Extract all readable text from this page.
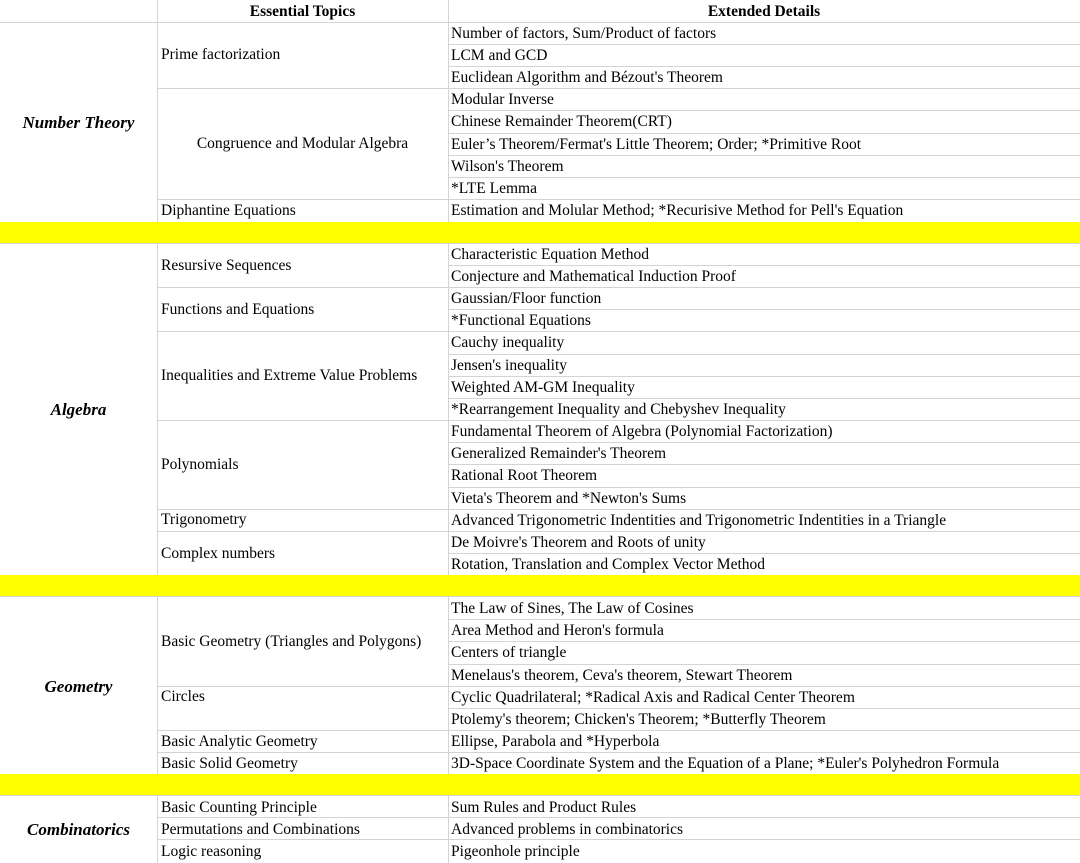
Essential Topics	Extended Details
Number Theory
Prime factorization
Congruence and Modular Algebra
Diphantine Equations
Number of factors, Sum/Product of factors
LCM and GCD
Euclidean Algorithm and Bézout's Theorem
Modular Inverse
Chinese Remainder Theorem(CRT)
Euler’s Theorem/Fermat's Little Theorem; Order; *Primitive Root
Wilson's Theorem
*LTE Lemma
Estimation and Molular Method; *Recurisive Method for Pell's Equation
Algebra
Resursive Sequences
Functions and Equations
Inequalities and Extreme Value Problems
Polynomials
Trigonometry
Complex numbers
Characteristic Equation Method
Conjecture and Mathematical Induction Proof
Gaussian/Floor function
*Functional Equations
Cauchy inequality
Jensen's inequality
Weighted AM-GM Inequality
*Rearrangement Inequality and Chebyshev Inequality
Fundamental Theorem of Algebra (Polynomial Factorization)
Generalized Remainder's Theorem
Rational Root Theorem
Vieta's Theorem and *Newton's Sums
Advanced Trigonometric Indentities and Trigonometric Indentities in a Triangle
De Moivre's Theorem and Roots of unity
Rotation, Translation and Complex Vector Method
Geometry
Basic Geometry (Triangles and Polygons)
Circles
Basic Analytic Geometry
Basic Solid Geometry
The Law of Sines, The Law of Cosines
Area Method and Heron's formula
Centers of triangle
Menelaus's theorem, Ceva's theorem, Stewart Theorem
Cyclic Quadrilateral; *Radical Axis and Radical Center Theorem
Ptolemy's theorem; Chicken's Theorem; *Butterfly Theorem
Ellipse, Parabola and *Hyperbola
3D-Space Coordinate System and the Equation of a Plane; *Euler's Polyhedron Formula
Combinatorics
Basic Counting Principle
Permutations and Combinations
Logic reasoning
Sum Rules and Product Rules
Advanced problems in combinatorics
Pigeonhole principle
